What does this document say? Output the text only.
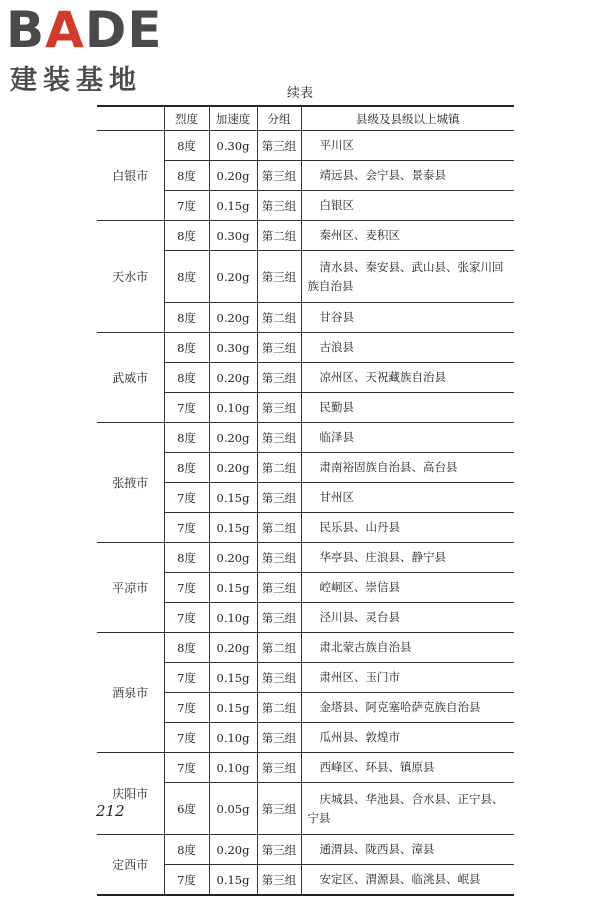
BADE
建装基地	续表
	烈度	加速度	分组	县级及县级以上城镇
白银市	8度	0.30g	第三组	平川区
	8度	0.20g	第三组	靖远县、会宁县、景泰县
	7度	0.15g	第三组	白银区
天水市	8度	0.30g	第二组	秦州区、麦积区
	8度	0.20g	第三组	清水县、秦安县、武山县、张家川回族自治县
	8度	0.20g	第二组	甘谷县
武威市	8度	0.30g	第三组	古浪县
	8度	0.20g	第三组	凉州区、天祝藏族自治县
	7度	0.10g	第三组	民勤县
张掖市	8度	0.20g	第三组	临泽县
	8度	0.20g	第二组	肃南裕固族自治县、高台县
	7度	0.15g	第三组	甘州区
	7度	0.15g	第二组	民乐县、山丹县
平凉市	8度	0.20g	第三组	华亭县、庄浪县、静宁县
	7度	0.15g	第三组	崆峒区、崇信县
	7度	0.10g	第三组	泾川县、灵台县
酒泉市	8度	0.20g	第二组	肃北蒙古族自治县
	7度	0.15g	第三组	肃州区、玉门市
	7度	0.15g	第二组	金塔县、阿克塞哈萨克族自治县
	7度	0.10g	第三组	瓜州县、敦煌市
庆阳市	7度	0.10g	第三组	西峰区、环县、镇原县
	6度	0.05g	第三组	庆城县、华池县、合水县、正宁县、宁县
定西市	8度	0.20g	第三组	通渭县、陇西县、漳县
	7度	0.15g	第三组	安定区、渭源县、临洮县、岷县
212
